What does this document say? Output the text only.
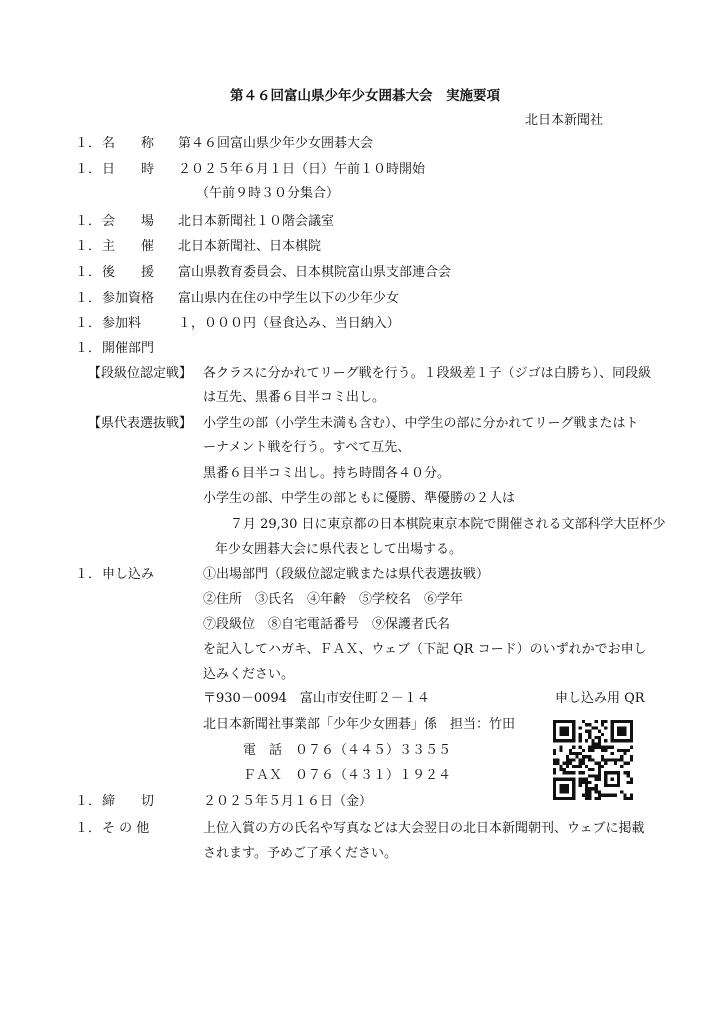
第４６回富山県少年少女囲碁大会　実施要項
北日本新聞社
１． 名　　称 第４６回富山県少年少女囲碁大会
１． 日　　時 ２０２５年６月１日（日）午前１０時開始
（午前９時３０分集合）
１． 会　　場 北日本新聞社１０階会議室
１． 主　　催 北日本新聞社、日本棋院
１． 後　　援 富山県教育委員会、日本棋院富山県支部連合会
１． 参加資格 富山県内在住の中学生以下の少年少女
１． 参加料	１，０００円（昼食込み、当日納入）
１． 開催部門
【段級位認定戦】 各クラスに分かれてリーグ戦を行う。１段級差１子（ジゴは白勝ち）、同段級
は互先、黒番６目半コミ出し。
【県代表選抜戦】 小学生の部（小学生未満も含む）、中学生の部に分かれてリーグ戦またはト
ーナメント戦を行う。すべて互先、
黒番６目半コミ出し。持ち時間各４０分。
小学生の部、中学生の部ともに優勝、準優勝の２人は
７月 29,30 日に東京都の日本棋院東京本院で開催される文部科学大臣杯少
年少女囲碁大会に県代表として出場する。
１． 申し込み	①出場部門（段級位認定戦または県代表選抜戦）
②住所　③氏名　④年齢　⑤学校名　⑥学年
⑦段級位　⑧自宅電話番号　⑨保護者氏名
を記入してハガキ、ＦＡＸ、ウェブ（下記 QR コード）のいずれかでお申し
込みください。
〒930－0094　富山市安住町２－１４	申し込み用 QR
北日本新聞社事業部「少年少女囲碁」係　担当：竹田
電　話　０７６（４４５）３３５５
ＦＡＸ　０７６（４３１）１９２４
１． 締　　切	２０２５年５月１６日（金）
１． そ の 他	上位入賞の方の氏名や写真などは大会翌日の北日本新聞朝刊、ウェブに掲載
されます。予めご了承ください。
